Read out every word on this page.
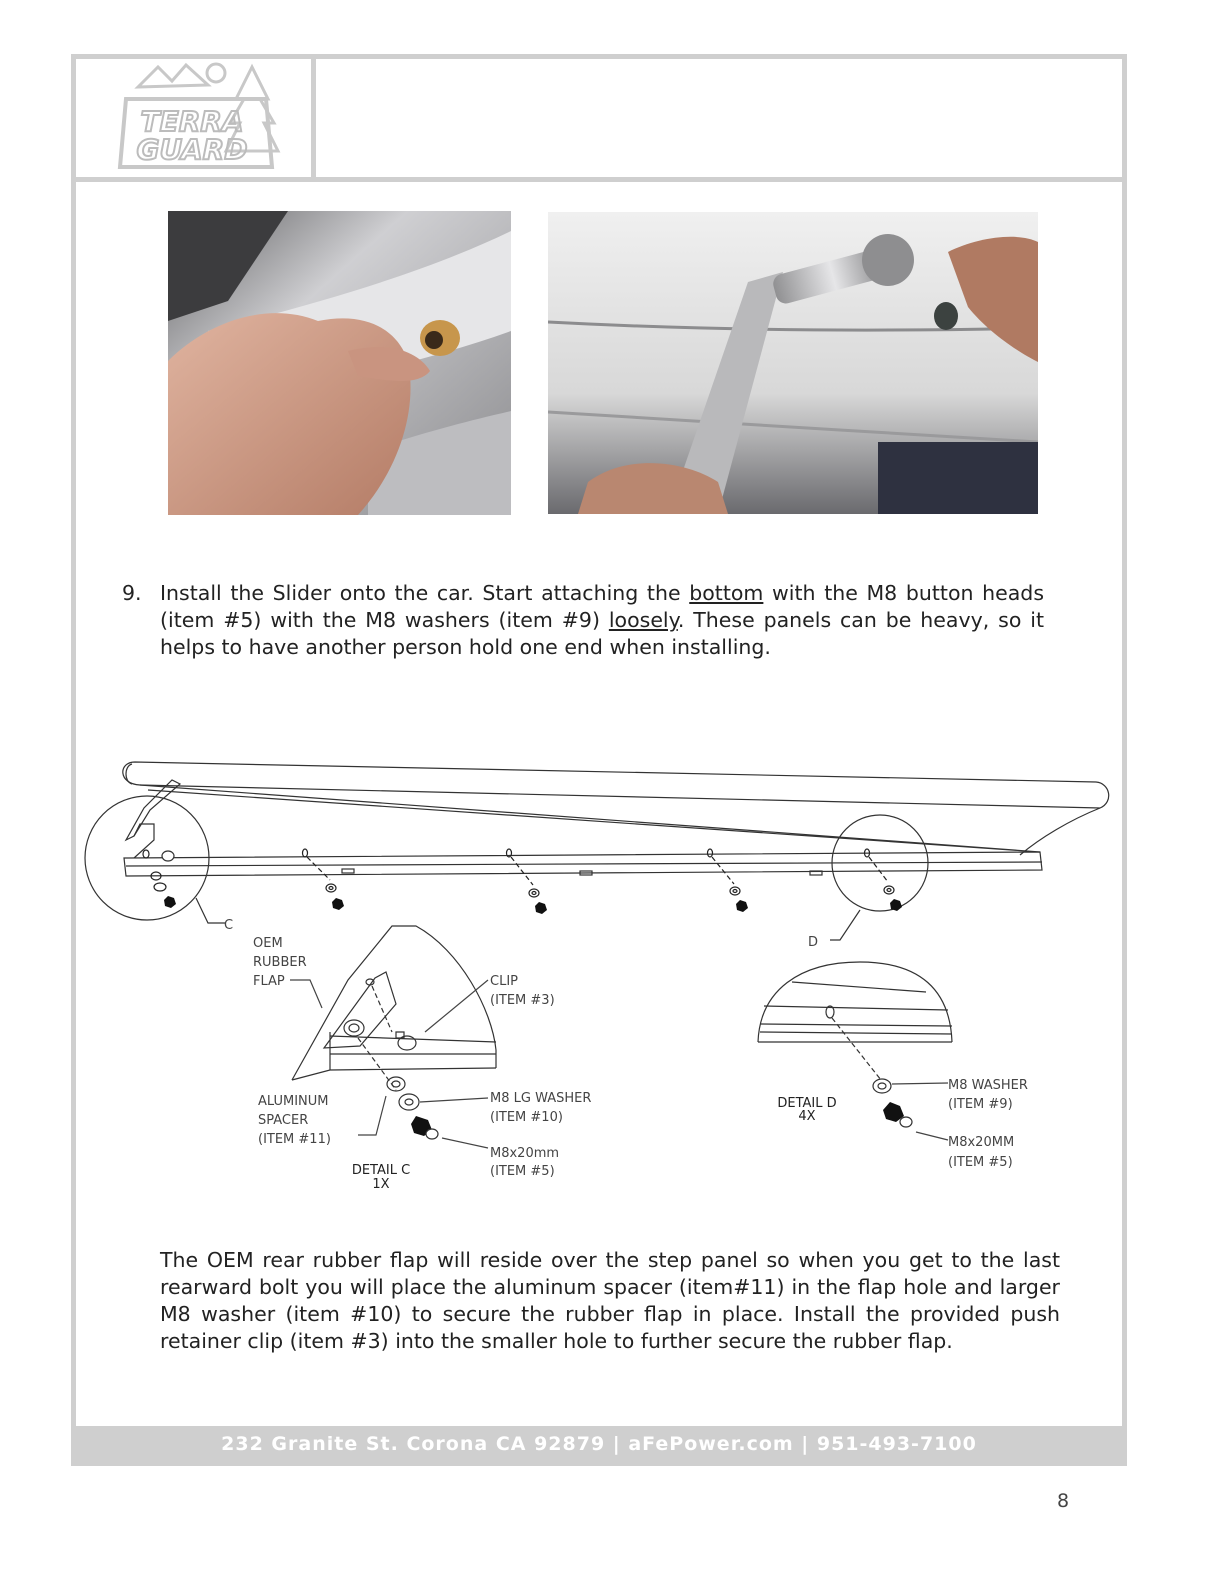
TERRA
GUARD
9. Install the Slider onto the car. Start attaching the bottom with the M8 button heads (item #5) with the M8 washers (item #9) loosely. These panels can be heavy, so it helps to have another person hold one end when installing.
C
D
OEM
RUBBER
FLAP	CLIP
(ITEM #3)
ALUMINUM
SPACER
(ITEM #11)
M8 LG WASHER
(ITEM #10)
M8x20mm
(ITEM #5)
DETAIL C
1X
DETAIL D
4X
M8 WASHER
(ITEM #9)
M8x20MM
(ITEM #5)
The OEM rear rubber flap will reside over the step panel so when you get to the last rearward bolt you will place the aluminum spacer (item#11) in the flap hole and larger M8 washer (item #10) to secure the rubber flap in place. Install the provided push retainer clip (item #3) into the smaller hole to further secure the rubber flap.
232 Granite St. Corona CA 92879 | aFePower.com | 951-493-7100
8
